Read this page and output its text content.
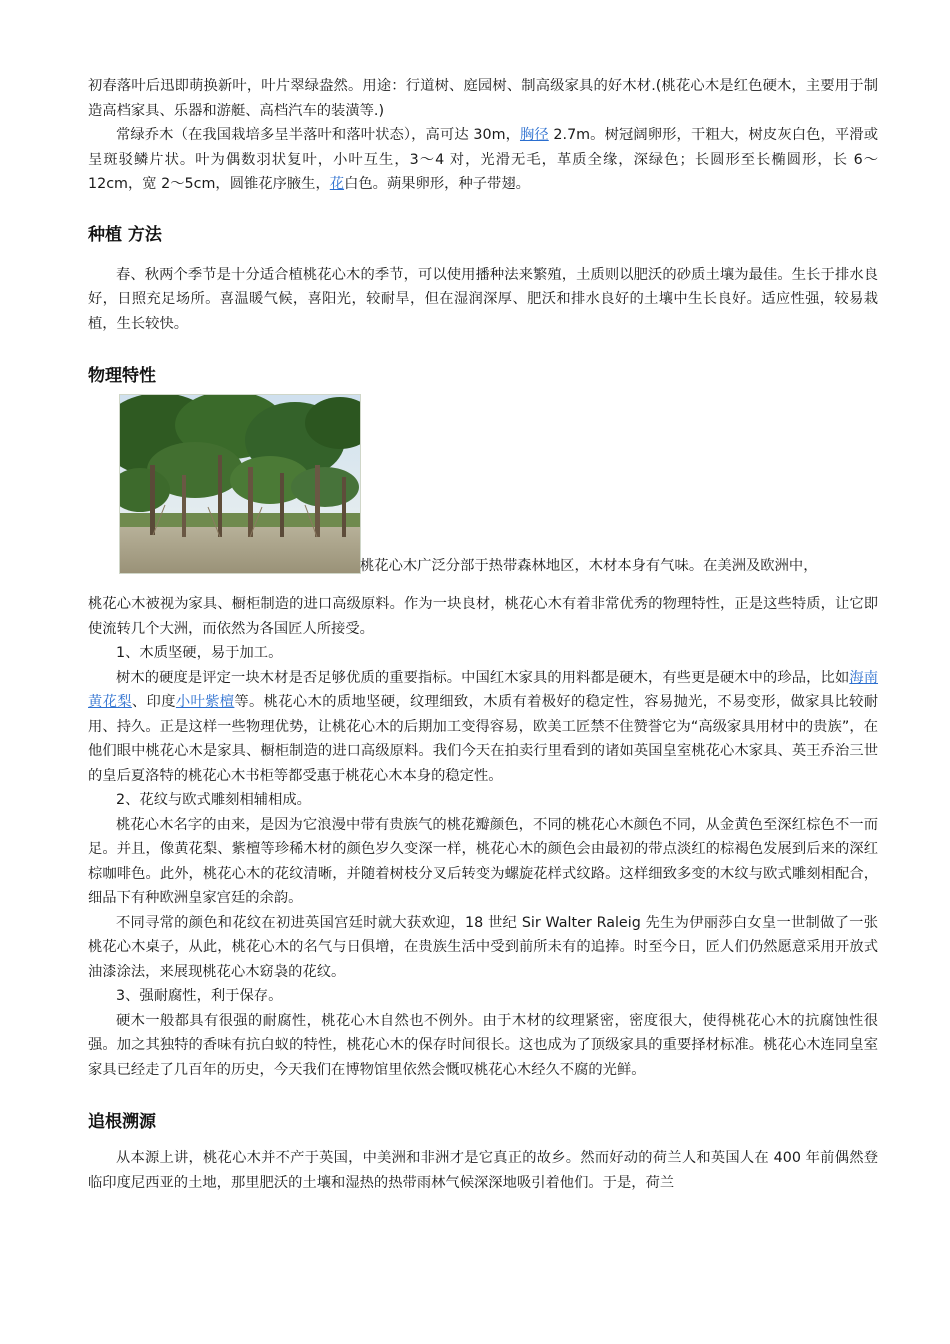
初春落叶后迅即萌换新叶，叶片翠绿盎然。用途：行道树、庭园树、制高级家具的好木材.(桃花心木是红色硬木，主要用于制造高档家具、乐器和游艇、高档汽车的装潢等.)

常绿乔木（在我国栽培多呈半落叶和落叶状态），高可达 30m，胸径 2.7m。树冠阔卵形，干粗大，树皮灰白色，平滑或呈斑驳鳞片状。叶为偶数羽状复叶，小叶互生，3～4 对，光滑无毛，革质全缘，深绿色；长圆形至长椭圆形，长 6～12cm，宽 2～5cm，圆锥花序腋生，花白色。蒴果卵形，种子带翅。

种植 方法

春、秋两个季节是十分适合植桃花心木的季节，可以使用播种法来繁殖，土质则以肥沃的砂质土壤为最佳。生长于排水良好，日照充足场所。喜温暖气候，喜阳光，较耐旱，但在湿润深厚、肥沃和排水良好的土壤中生长良好。适应性强，较易栽植，生长较快。

物理特性
桃花心木广泛分部于热带森林地区，木材本身有气味。在美洲及欧洲中，

桃花心木被视为家具、橱柜制造的进口高级原料。作为一块良材，桃花心木有着非常优秀的物理特性，正是这些特质，让它即使流转几个大洲，而依然为各国匠人所接受。

1、木质坚硬，易于加工。

树木的硬度是评定一块木材是否足够优质的重要指标。中国红木家具的用料都是硬木，有些更是硬木中的珍品，比如海南黄花梨、印度小叶紫檀等。桃花心木的质地坚硬，纹理细致，木质有着极好的稳定性，容易抛光，不易变形，做家具比较耐用、持久。正是这样一些物理优势，让桃花心木的后期加工变得容易，欧美工匠禁不住赞誉它为“高级家具用材中的贵族”，在他们眼中桃花心木是家具、橱柜制造的进口高级原料。我们今天在拍卖行里看到的诸如英国皇室桃花心木家具、英王乔治三世的皇后夏洛特的桃花心木书柜等都受惠于桃花心木本身的稳定性。

2、花纹与欧式雕刻相辅相成。

桃花心木名字的由来，是因为它浪漫中带有贵族气的桃花瓣颜色，不同的桃花心木颜色不同，从金黄色至深红棕色不一而足。并且，像黄花梨、紫檀等珍稀木材的颜色岁久变深一样，桃花心木的颜色会由最初的带点淡红的棕褐色发展到后来的深红棕咖啡色。此外，桃花心木的花纹清晰，并随着树枝分叉后转变为螺旋花样式纹路。这样细致多变的木纹与欧式雕刻相配合，细品下有种欧洲皇家宫廷的余韵。

不同寻常的颜色和花纹在初进英国宫廷时就大获欢迎，18 世纪 Sir Walter Raleig 先生为伊丽莎白女皇一世制做了一张桃花心木桌子，从此，桃花心木的名气与日俱增，在贵族生活中受到前所未有的追捧。时至今日，匠人们仍然愿意采用开放式油漆涂法，来展现桃花心木窈袅的花纹。

3、强耐腐性，利于保存。

硬木一般都具有很强的耐腐性，桃花心木自然也不例外。由于木材的纹理紧密，密度很大，使得桃花心木的抗腐蚀性很强。加之其独特的香味有抗白蚁的特性，桃花心木的保存时间很长。这也成为了顶级家具的重要择材标准。桃花心木连同皇室家具已经走了几百年的历史，今天我们在博物馆里依然会慨叹桃花心木经久不腐的光鲜。

追根溯源

从本源上讲，桃花心木并不产于英国，中美洲和非洲才是它真正的故乡。然而好动的荷兰人和英国人在 400 年前偶然登临印度尼西亚的土地，那里肥沃的土壤和湿热的热带雨林气候深深地吸引着他们。于是，荷兰
